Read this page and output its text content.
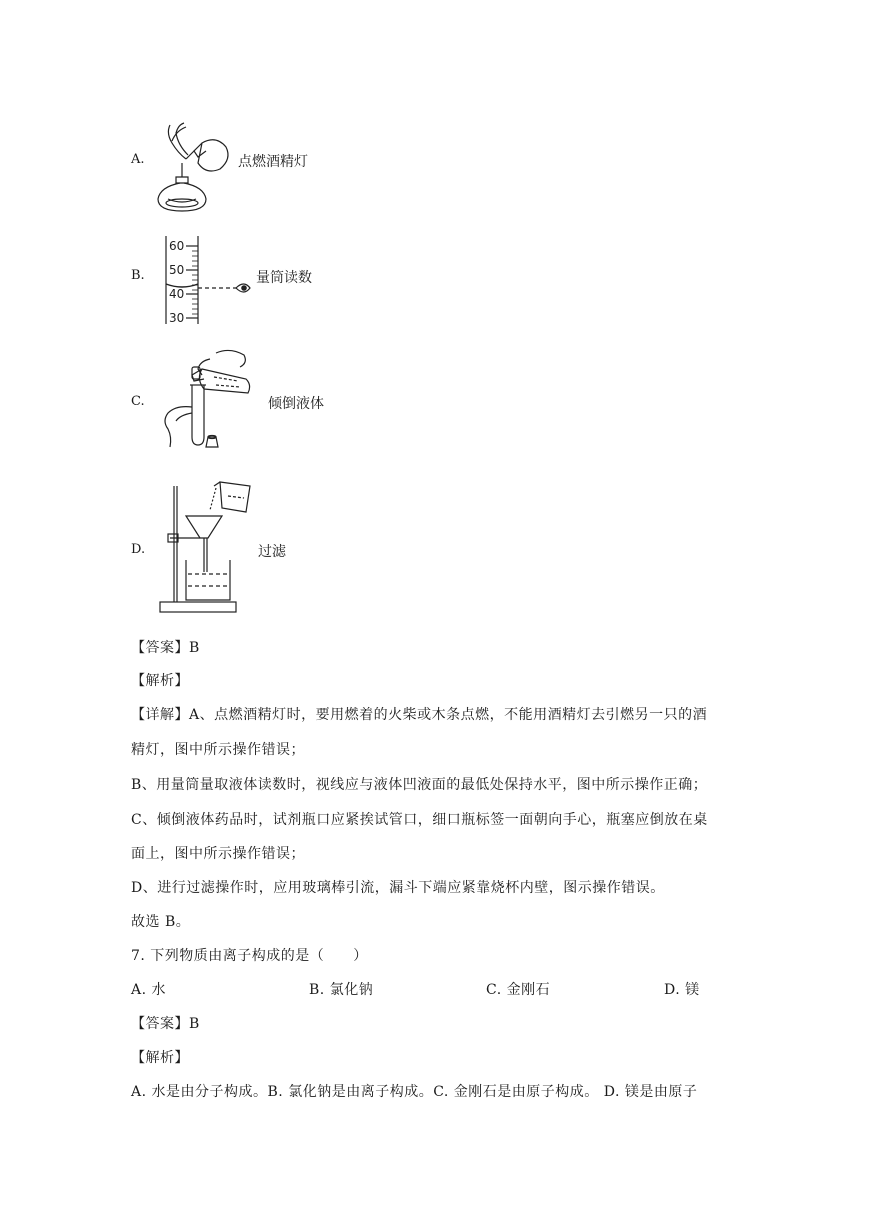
A.	点燃酒精灯
B.
60
50
40
30
量筒读数
C.	倾倒液体
D.	过滤
【答案】B
【解析】
【详解】A、点燃酒精灯时，要用燃着的火柴或木条点燃，不能用酒精灯去引燃另一只的酒
精灯，图中所示操作错误；
B、用量筒量取液体读数时，视线应与液体凹液面的最低处保持水平，图中所示操作正确；
C、倾倒液体药品时，试剂瓶口应紧挨试管口，细口瓶标签一面朝向手心，瓶塞应倒放在桌
面上，图中所示操作错误；
D、进行过滤操作时，应用玻璃棒引流，漏斗下端应紧靠烧杯内壁，图示操作错误。
故选 B。
7. 下列物质由离子构成的是（　　）
A. 水	B. 氯化钠	C. 金刚石	D. 镁
【答案】B
【解析】
A. 水是由分子构成。B. 氯化钠是由离子构成。C. 金刚石是由原子构成。 D. 镁是由原子
